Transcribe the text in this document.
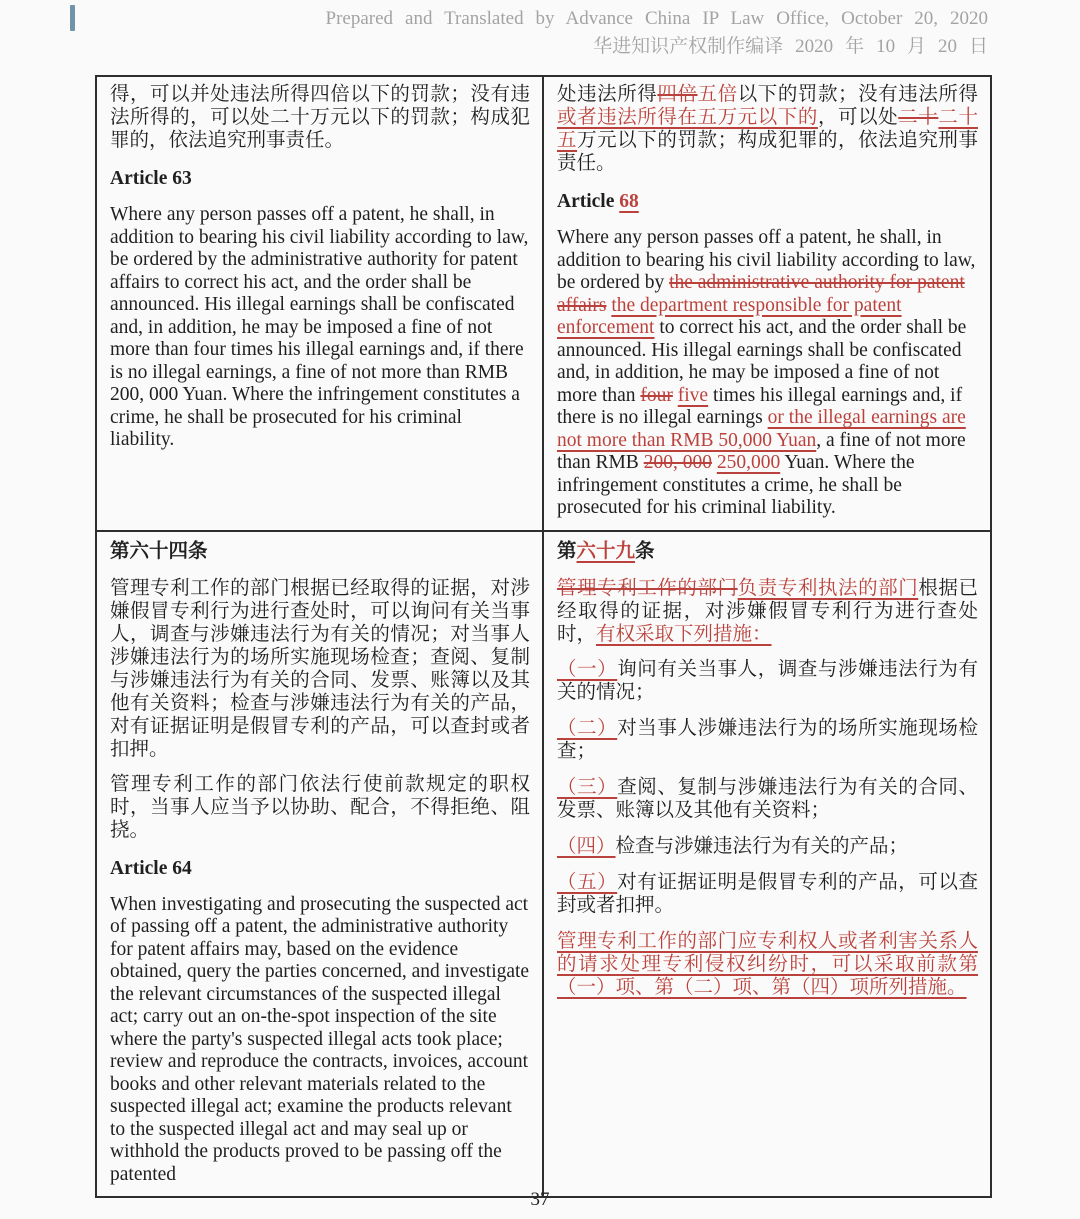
Prepared and Translated by Advance China IP Law Office, October 20, 2020
华进知识产权制作编译 2020 年 10 月 20 日

得，可以并处违法所得四倍以下的罚款；没有违法所得的，可以处二十万元以下的罚款；构成犯罪的，依法追究刑事责任。

Article 63

Where any person passes off a patent, he shall, in addition to bearing his civil liability according to law, be ordered by the administrative authority for patent affairs to correct his act, and the order shall be announced. His illegal earnings shall be confiscated and, in addition, he may be imposed a fine of not more than four times his illegal earnings and, if there is no illegal earnings, a fine of not more than RMB 200, 000 Yuan. Where the infringement constitutes a crime, he shall be prosecuted for his criminal liability.

处违法所得四倍五倍以下的罚款；没有违法所得或者违法所得在五万元以下的，可以处二十二十五万元以下的罚款；构成犯罪的，依法追究刑事责任。

Article 68

Where any person passes off a patent, he shall, in addition to bearing his civil liability according to law, be ordered by the administrative authority for patent affairs the department responsible for patent enforcement to correct his act, and the order shall be announced. His illegal earnings shall be confiscated and, in addition, he may be imposed a fine of not more than four five times his illegal earnings and, if there is no illegal earnings or the illegal earnings are not more than RMB 50,000 Yuan, a fine of not more than RMB 200, 000 250,000 Yuan. Where the infringement constitutes a crime, he shall be prosecuted for his criminal liability.

第六十四条

管理专利工作的部门根据已经取得的证据，对涉嫌假冒专利行为进行查处时，可以询问有关当事人，调查与涉嫌违法行为有关的情况；对当事人涉嫌违法行为的场所实施现场检查；查阅、复制与涉嫌违法行为有关的合同、发票、账簿以及其他有关资料；检查与涉嫌违法行为有关的产品，对有证据证明是假冒专利的产品，可以查封或者扣押。

管理专利工作的部门依法行使前款规定的职权时，当事人应当予以协助、配合，不得拒绝、阻挠。

Article 64

When investigating and prosecuting the suspected act of passing off a patent, the administrative authority for patent affairs may, based on the evidence obtained, query the parties concerned, and investigate the relevant circumstances of the suspected illegal act; carry out an on-the-spot inspection of the site where the party's suspected illegal acts took place; review and reproduce the contracts, invoices, account books and other relevant materials related to the suspected illegal act; examine the products relevant to the suspected illegal act and may seal up or withhold the products proved to be passing off the patented

第六十九条

管理专利工作的部门负责专利执法的部门根据已经取得的证据，对涉嫌假冒专利行为进行查处时，有权采取下列措施：

（一）询问有关当事人，调查与涉嫌违法行为有关的情况；

（二）对当事人涉嫌违法行为的场所实施现场检查；

（三）查阅、复制与涉嫌违法行为有关的合同、发票、账簿以及其他有关资料；

（四）检查与涉嫌违法行为有关的产品；

（五）对有证据证明是假冒专利的产品，可以查封或者扣押。

管理专利工作的部门应专利权人或者利害关系人的请求处理专利侵权纠纷时，可以采取前款第（一）项、第（二）项、第（四）项所列措施。

37
